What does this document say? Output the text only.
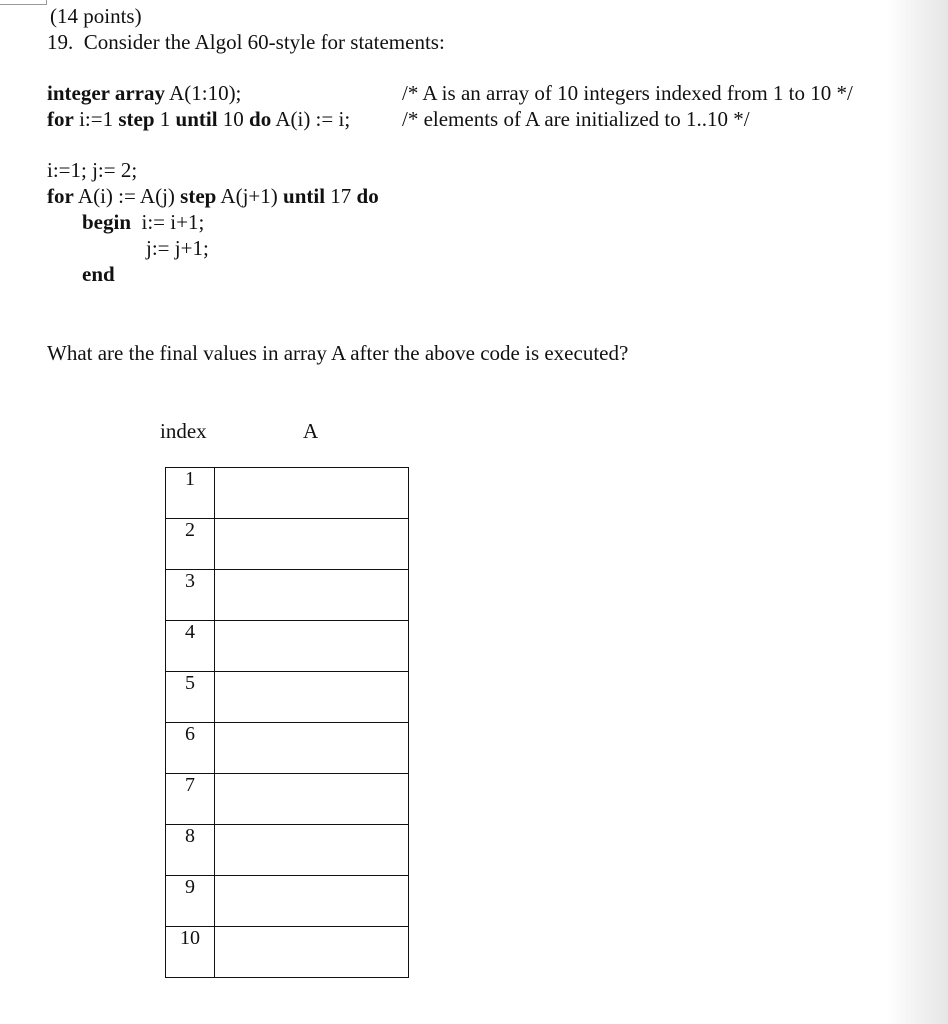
(14 points)
19. Consider the Algol 60-style for statements:
integer array A(1:10);
for i:=1 step 1 until 10 do A(i) := i;
/* A is an array of 10 integers indexed from 1 to 10 */
/* elements of A are initialized to 1..10 */
i:=1; j:= 2;
for A(i) := A(j) step A(j+1) until 17 do
begin  i:= i+1;
j:= j+1;
end
What are the final values in array A after the above code is executed?
index	A
1	
2	
3	
4	
5	
6	
7	
8	
9	
10	
